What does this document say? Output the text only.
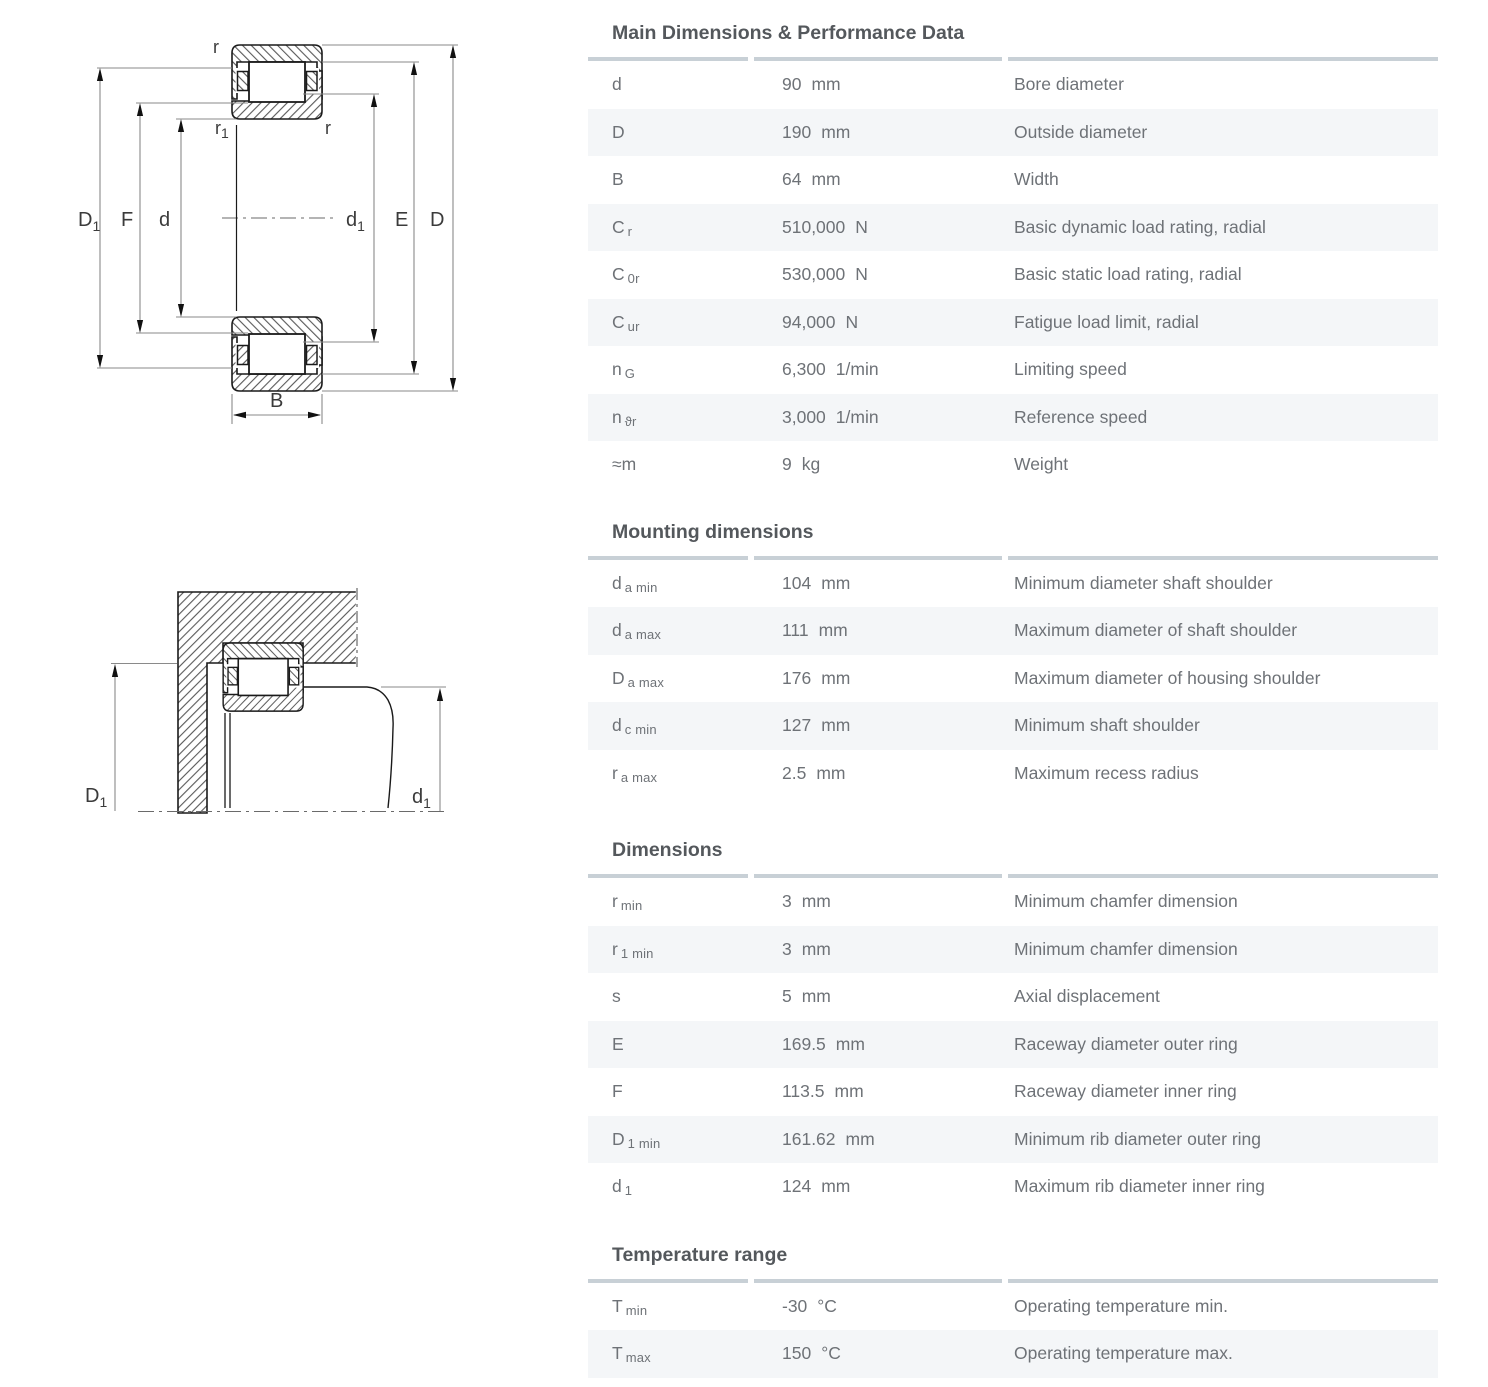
$D_1$ F d	$d_1$ E D
B
r
$r_1$	r
$D_1$	$d_1$
Main Dimensions & Performance Data
d	90 mm	Bore diameter
D	190 mm	Outside diameter
B	64 mm	Width
C r	510,000 N	Basic dynamic load rating, radial
C 0r	530,000 N	Basic static load rating, radial
C ur	94,000 N	Fatigue load limit, radial
n G	6,300 1/min	Limiting speed
n ϑr	3,000 1/min	Reference speed
≈m	9 kg	Weight
Mounting dimensions
d a min	104 mm	Minimum diameter shaft shoulder
d a max	111 mm	Maximum diameter of shaft shoulder
D a max	176 mm	Maximum diameter of housing shoulder
d c min	127 mm	Minimum shaft shoulder
r a max	2.5 mm	Maximum recess radius
Dimensions
r min	3 mm	Minimum chamfer dimension
r 1 min	3 mm	Minimum chamfer dimension
s	5 mm	Axial displacement
E	169.5 mm	Raceway diameter outer ring
F	113.5 mm	Raceway diameter inner ring
D 1 min	161.62 mm	Minimum rib diameter outer ring
d 1	124 mm	Maximum rib diameter inner ring
Temperature range
T min	-30 °C	Operating temperature min.
T max	150 °C	Operating temperature max.
